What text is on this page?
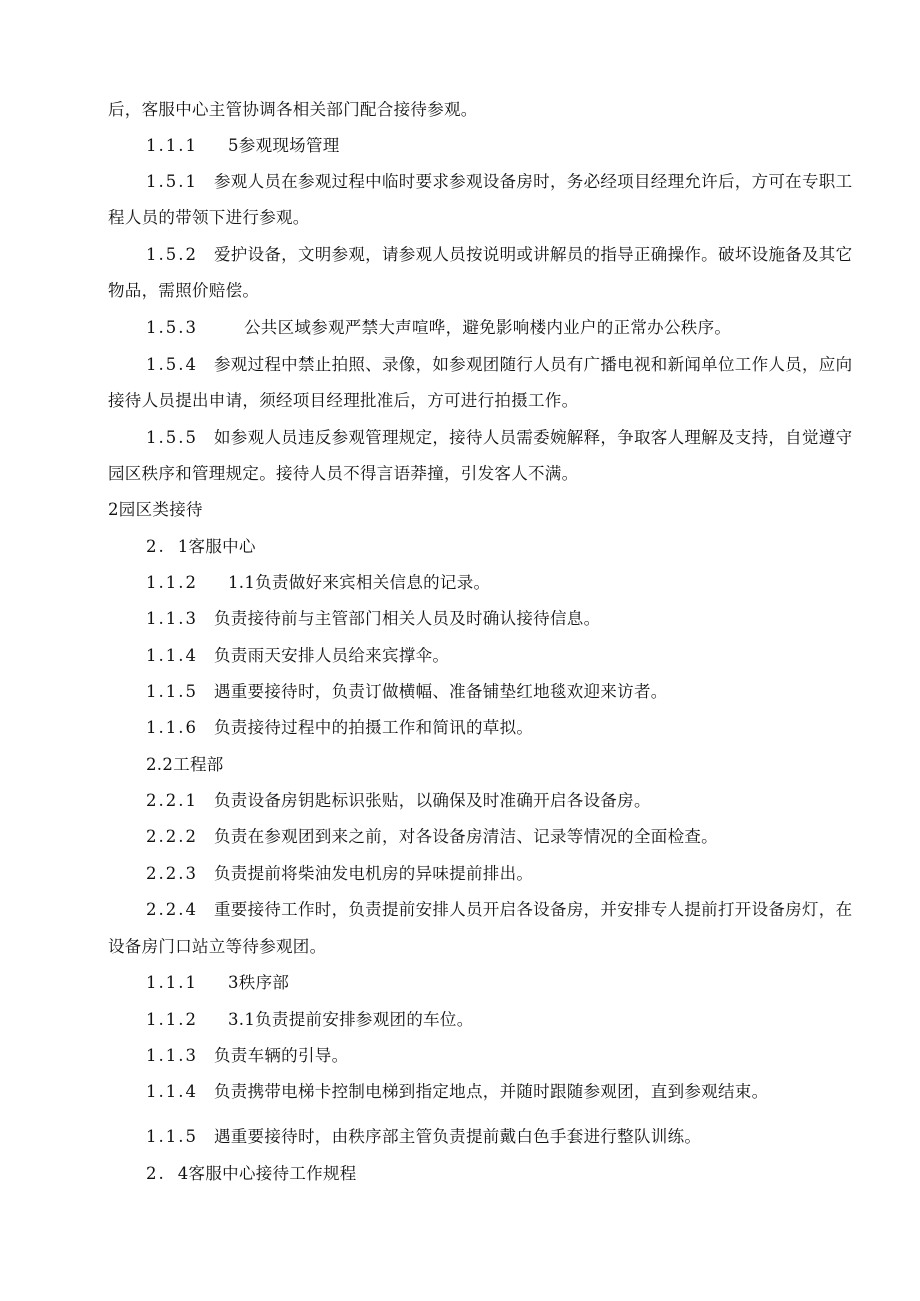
后，客服中心主管协调各相关部门配合接待参观。
1.1.1 5参观现场管理
1.5.1 参观人员在参观过程中临时要求参观设备房时，务必经项目经理允许后，方可在专职工
程人员的带领下进行参观。
1.5.2 爱护设备，文明参观，请参观人员按说明或讲解员的指导正确操作。破坏设施备及其它
物品，需照价赔偿。
1.5.3	公共区域参观严禁大声喧哗，避免影响楼内业户的正常办公秩序。
1.5.4 参观过程中禁止拍照、录像，如参观团随行人员有广播电视和新闻单位工作人员，应向
接待人员提出申请，须经项目经理批准后，方可进行拍摄工作。
1.5.5 如参观人员违反参观管理规定，接待人员需委婉解释，争取客人理解及支持，自觉遵守
园区秩序和管理规定。接待人员不得言语莽撞，引发客人不满。
2园区类接待
2. 1客服中心
1.1.2 1.1负责做好来宾相关信息的记录。
1.1.3 负责接待前与主管部门相关人员及时确认接待信息。
1.1.4 负责雨天安排人员给来宾撑伞。
1.1.5 遇重要接待时，负责订做横幅、准备铺垫红地毯欢迎来访者。
1.1.6 负责接待过程中的拍摄工作和简讯的草拟。
2.2工程部
2.2.1 负责设备房钥匙标识张贴，以确保及时准确开启各设备房。
2.2.2 负责在参观团到来之前，对各设备房清洁、记录等情况的全面检查。
2.2.3 负责提前将柴油发电机房的异味提前排出。
2.2.4 重要接待工作时，负责提前安排人员开启各设备房，并安排专人提前打开设备房灯，在
设备房门口站立等待参观团。
1.1.1 3秩序部
1.1.2 3.1负责提前安排参观团的车位。
1.1.3 负责车辆的引导。
1.1.4 负责携带电梯卡控制电梯到指定地点，并随时跟随参观团，直到参观结束。
1.1.5 遇重要接待时，由秩序部主管负责提前戴白色手套进行整队训练。
2. 4客服中心接待工作规程
